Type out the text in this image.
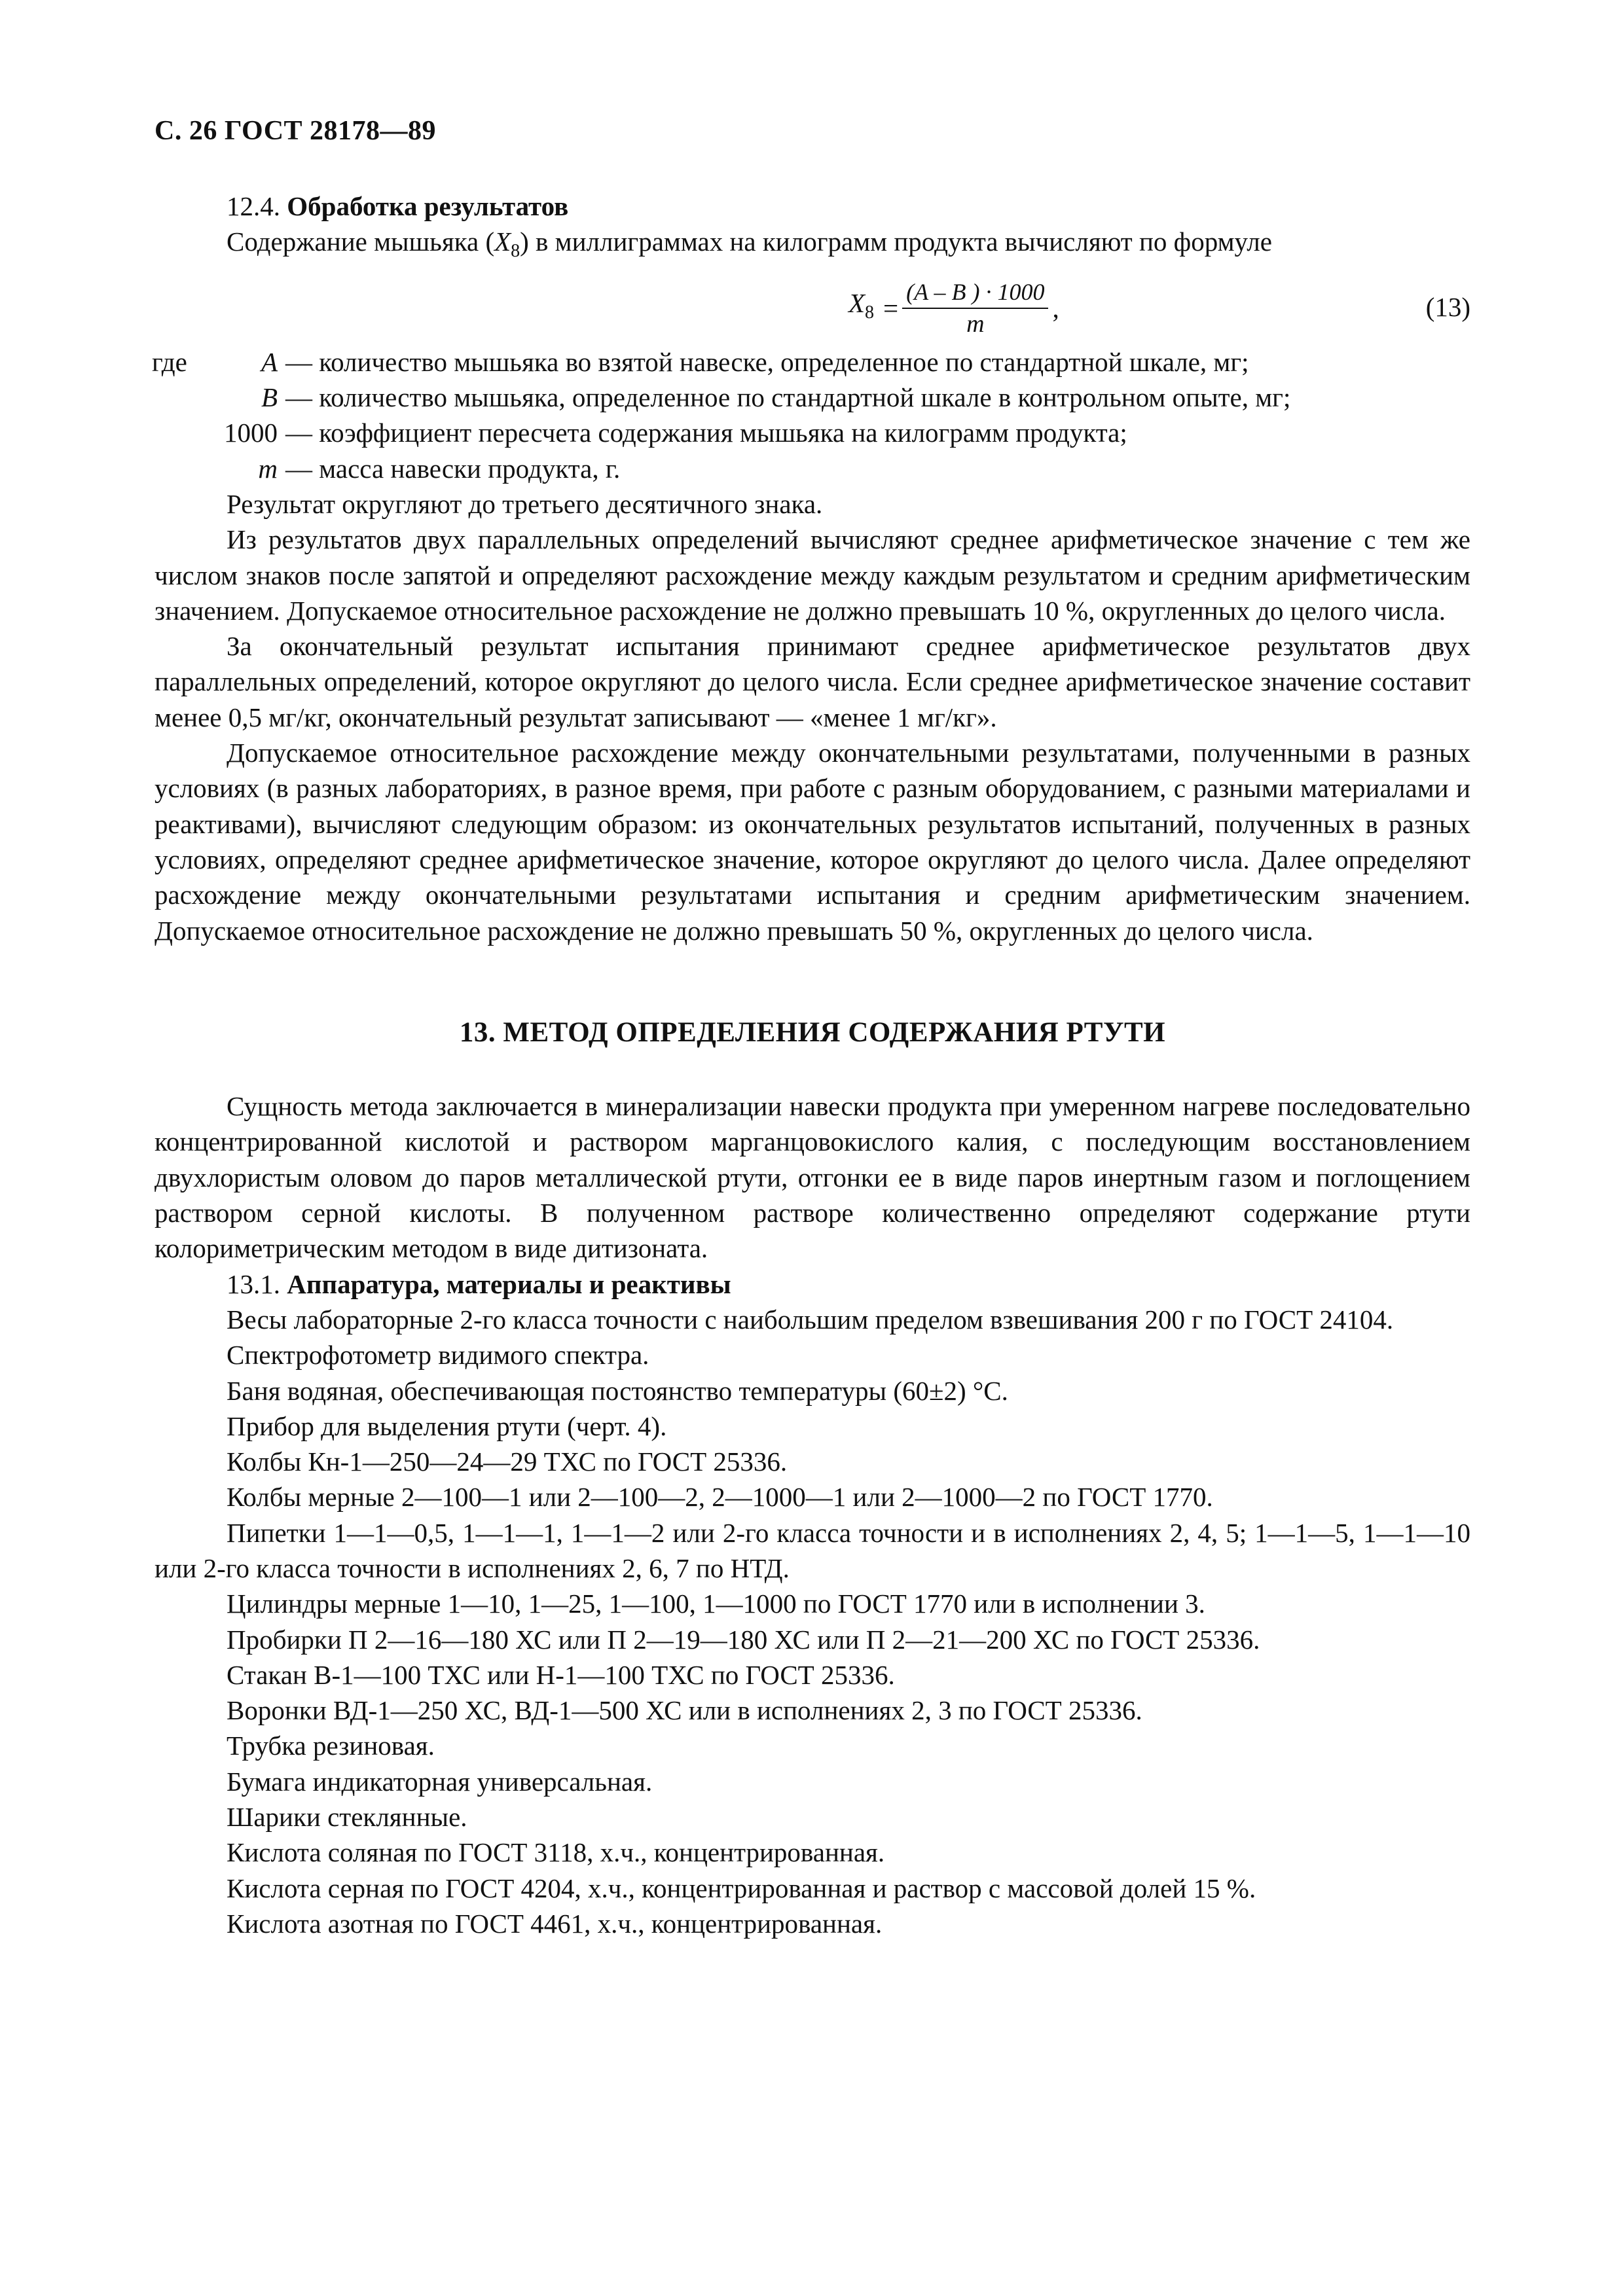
С. 26 ГОСТ 28178—89

12.4. Обработка результатов

Содержание мышьяка $(X_8)$ в миллиграммах на килограмм продукта вычисляют по формуле

$X_8 = \frac{(A - B ) \cdot 1000}{m}$ ,	(13)
где	A — количество мышьяка во взятой навеске, определенное по стандартной шкале, мг;
B — количество мышьяка, определенное по стандартной шкале в контрольном опыте, мг;
1000 — коэффициент пересчета содержания мышьяка на килограмм продукта;
m — масса навески продукта, г.

Результат округляют до третьего десятичного знака.

Из результатов двух параллельных определений вычисляют среднее арифметическое значение с тем же числом знаков после запятой и определяют расхождение между каждым результатом и средним арифметическим значением. Допускаемое относительное расхождение не должно превышать 10 %, округленных до целого числа.

За окончательный результат испытания принимают среднее арифметическое результатов двух параллельных определений, которое округляют до целого числа. Если среднее арифметическое значение составит менее 0,5 мг/кг, окончательный результат записывают — «менее 1 мг/кг».

Допускаемое относительное расхождение между окончательными результатами, полученными в разных условиях (в разных лабораториях, в разное время, при работе с разным оборудованием, с разными материалами и реактивами), вычисляют следующим образом: из окончательных результатов испытаний, полученных в разных условиях, определяют среднее арифметическое значение, которое округляют до целого числа. Далее определяют расхождение между окончательными результатами испытания и средним арифметическим значением. Допускаемое относительное расхождение не должно превышать 50 %, округленных до целого числа.

13. МЕТОД ОПРЕДЕЛЕНИЯ СОДЕРЖАНИЯ РТУТИ

Сущность метода заключается в минерализации навески продукта при умеренном нагреве последовательно концентрированной кислотой и раствором марганцовокислого калия, с последующим восстановлением двухлористым оловом до паров металлической ртути, отгонки ее в виде паров инертным газом и поглощением раствором серной кислоты. В полученном растворе количественно определяют содержание ртути колориметрическим методом в виде дитизоната.

13.1. Аппаратура, материалы и реактивы

Весы лабораторные 2-го класса точности с наибольшим пределом взвешивания 200 г по ГОСТ 24104.

Спектрофотометр видимого спектра.

Баня водяная, обеспечивающая постоянство температуры (60±2) °С.

Прибор для выделения ртути (черт. 4).

Колбы Кн-1—250—24—29 ТХС по ГОСТ 25336.

Колбы мерные 2—100—1 или 2—100—2, 2—1000—1 или 2—1000—2 по ГОСТ 1770.

Пипетки 1—1—0,5, 1—1—1, 1—1—2 или 2-го класса точности и в исполнениях 2, 4, 5; 1—1—5, 1—1—10 или 2-го класса точности в исполнениях 2, 6, 7 по НТД.

Цилиндры мерные 1—10, 1—25, 1—100, 1—1000 по ГОСТ 1770 или в исполнении 3.

Пробирки П 2—16—180 ХС или П 2—19—180 ХС или П 2—21—200 ХС по ГОСТ 25336.

Стакан В-1—100 ТХС или Н-1—100 ТХС по ГОСТ 25336.

Воронки ВД-1—250 ХС, ВД-1—500 ХС или в исполнениях 2, 3 по ГОСТ 25336.

Трубка резиновая.

Бумага индикаторная универсальная.

Шарики стеклянные.

Кислота соляная по ГОСТ 3118, х.ч., концентрированная.

Кислота серная по ГОСТ 4204, х.ч., концентрированная и раствор с массовой долей 15 %.

Кислота азотная по ГОСТ 4461, х.ч., концентрированная.
